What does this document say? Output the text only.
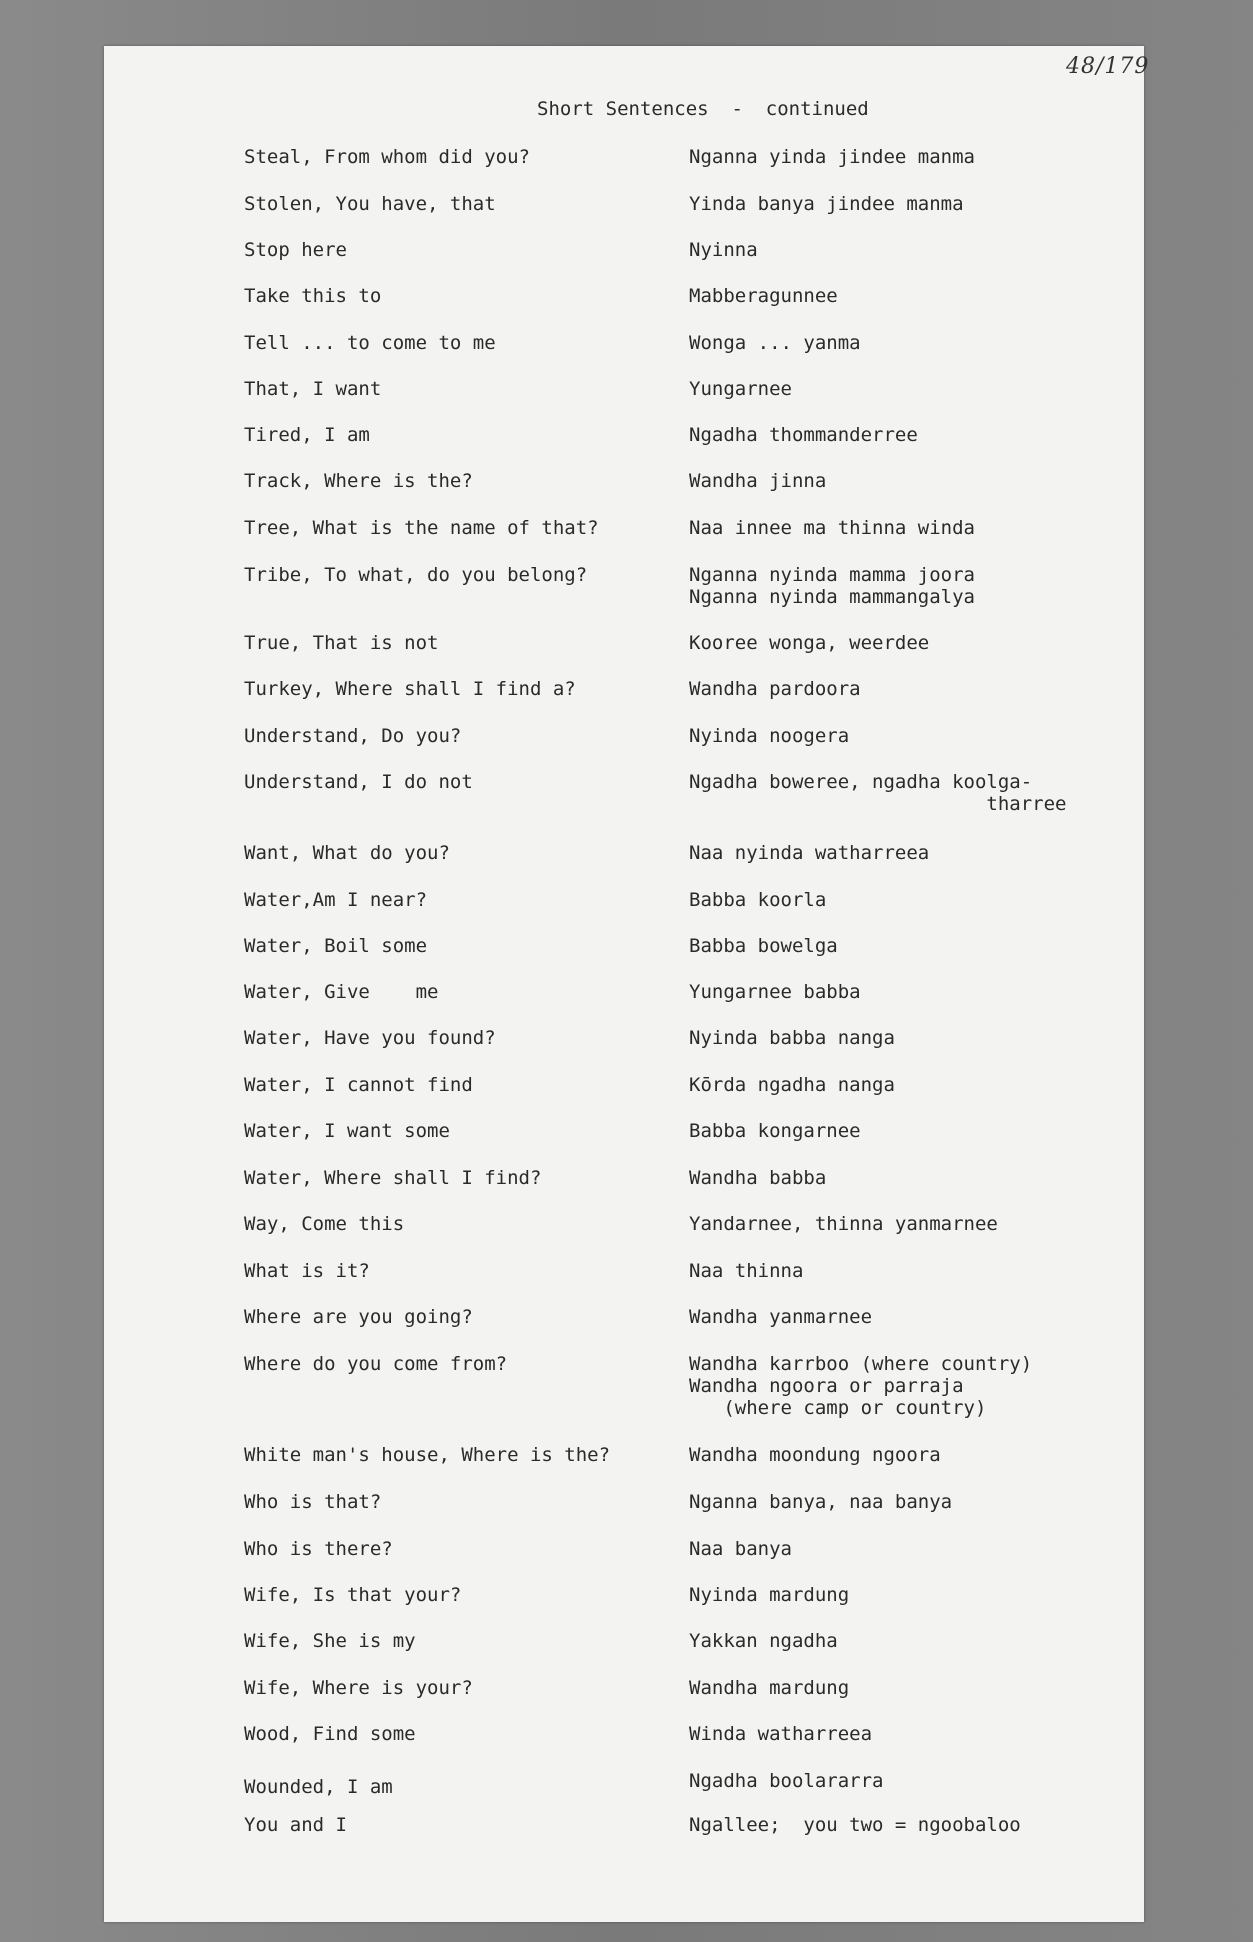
48/179
Short Sentences  -  continued
Steal, From whom did you?	Nganna yinda jindee manma
Stolen, You have, that	Yinda banya jindee manma
Stop here	Nyinna
Take this to	Mabberagunnee
Tell ... to come to me	Wonga ... yanma
That, I want	Yungarnee
Tired, I am	Ngadha thommanderree
Track, Where is the?	Wandha jinna
Tree, What is the name of that?	Naa innee ma thinna winda
Tribe, To what, do you belong?	Nganna nyinda mamma joora
Nganna nyinda mammangalya
True, That is not	Kooree wonga, weerdee
Turkey, Where shall I find a?	Wandha pardoora
Understand, Do you?	Nyinda noogera
Understand, I do not	Ngadha boweree, ngadha koolga-
tharree
Want, What do you?	Naa nyinda watharreea
Water,Am I near?	Babba koorla
Water, Boil some	Babba bowelga
Water, Give    me	Yungarnee babba
Water, Have you found?	Nyinda babba nanga
Water, I cannot find	Kōrda ngadha nanga
Water, I want some	Babba kongarnee
Water, Where shall I find?	Wandha babba
Way, Come this	Yandarnee, thinna yanmarnee
What is it?	Naa thinna
Where are you going?	Wandha yanmarnee
Where do you come from?	Wandha karrboo (where country)
Wandha ngoora or parraja
(where camp or country)
White man's house, Where is the?	Wandha moondung ngoora
Who is that?	Nganna banya, naa banya
Who is there?	Naa banya
Wife, Is that your?	Nyinda mardung
Wife, She is my	Yakkan ngadha
Wife, Where is your?	Wandha mardung
Wood, Find some	Winda watharreea
Wounded, I am	Ngadha boolararra
You and I	Ngallee;  you two = ngoobaloo
